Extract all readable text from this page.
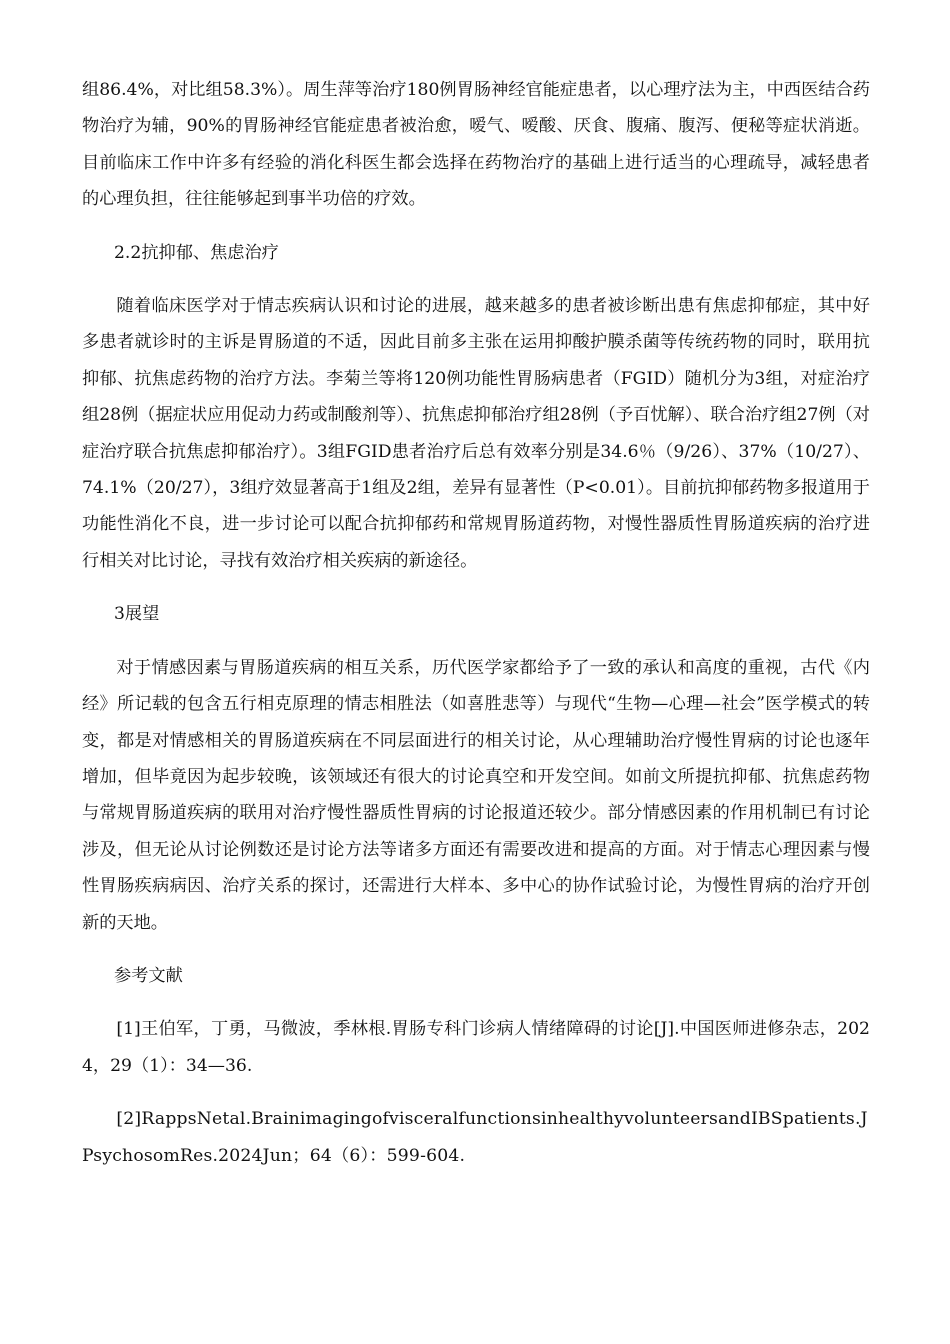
组86.4%，对比组58.3%）。周生萍等治疗180例胃肠神经官能症患者，以心理疗法为主，中西医结合药物治疗为辅，90%的胃肠神经官能症患者被治愈，嗳气、嗳酸、厌食、腹痛、腹泻、便秘等症状消逝。目前临床工作中许多有经验的消化科医生都会选择在药物治疗的基础上进行适当的心理疏导，减轻患者的心理负担，往往能够起到事半功倍的疗效。

2.2抗抑郁、焦虑治疗

随着临床医学对于情志疾病认识和讨论的进展，越来越多的患者被诊断出患有焦虑抑郁症，其中好多患者就诊时的主诉是胃肠道的不适，因此目前多主张在运用抑酸护膜杀菌等传统药物的同时，联用抗抑郁、抗焦虑药物的治疗方法。李菊兰等将120例功能性胃肠病患者（FGID）随机分为3组，对症治疗组28例（据症状应用促动力药或制酸剂等）、抗焦虑抑郁治疗组28例（予百忧解）、联合治疗组27例（对症治疗联合抗焦虑抑郁治疗）。3组FGID患者治疗后总有效率分别是34.6％（9/26）、37%（10/27）、74.1%（20/27），3组疗效显著高于1组及2组，差异有显著性（P<0.01）。目前抗抑郁药物多报道用于功能性消化不良，进一步讨论可以配合抗抑郁药和常规胃肠道药物，对慢性器质性胃肠道疾病的治疗进行相关对比讨论，寻找有效治疗相关疾病的新途径。

3展望

对于情感因素与胃肠道疾病的相互关系，历代医学家都给予了一致的承认和高度的重视，古代《内经》所记载的包含五行相克原理的情志相胜法（如喜胜悲等）与现代“生物—心理—社会”医学模式的转变，都是对情感相关的胃肠道疾病在不同层面进行的相关讨论，从心理辅助治疗慢性胃病的讨论也逐年增加，但毕竟因为起步较晚，该领域还有很大的讨论真空和开发空间。如前文所提抗抑郁、抗焦虑药物与常规胃肠道疾病的联用对治疗慢性器质性胃病的讨论报道还较少。部分情感因素的作用机制已有讨论涉及，但无论从讨论例数还是讨论方法等诸多方面还有需要改进和提高的方面。对于情志心理因素与慢性胃肠疾病病因、治疗关系的探讨，还需进行大样本、多中心的协作试验讨论，为慢性胃病的治疗开创新的天地。

参考文献

[1]王伯军，丁勇，马微波，季林根.胃肠专科门诊病人情绪障碍的讨论[J].中国医师进修杂志，2024，29（1）：34—36.

[2]RappsNetal.BrainimagingofvisceralfunctionsinhealthyvolunteersandIBSpatients.JPsychosomRes.2024Jun；64（6）：599-604.
